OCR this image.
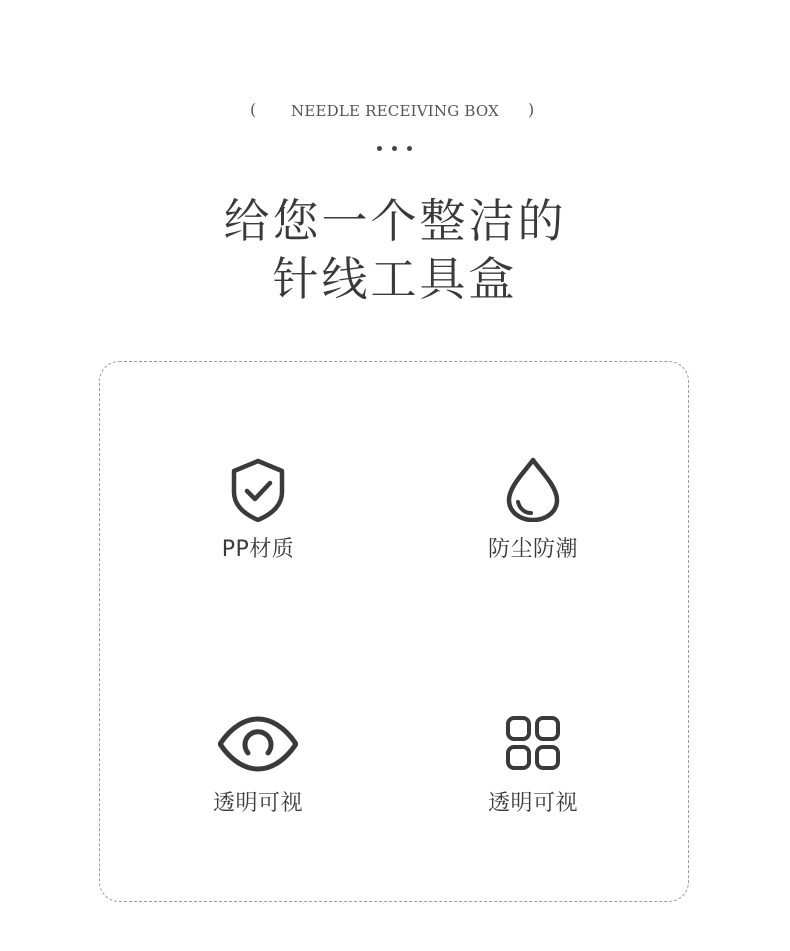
(	NEEDLE RECEIVING BOX	)
给您一个整洁的
针线工具盒
PP材质	防尘防潮
透明可视	透明可视
